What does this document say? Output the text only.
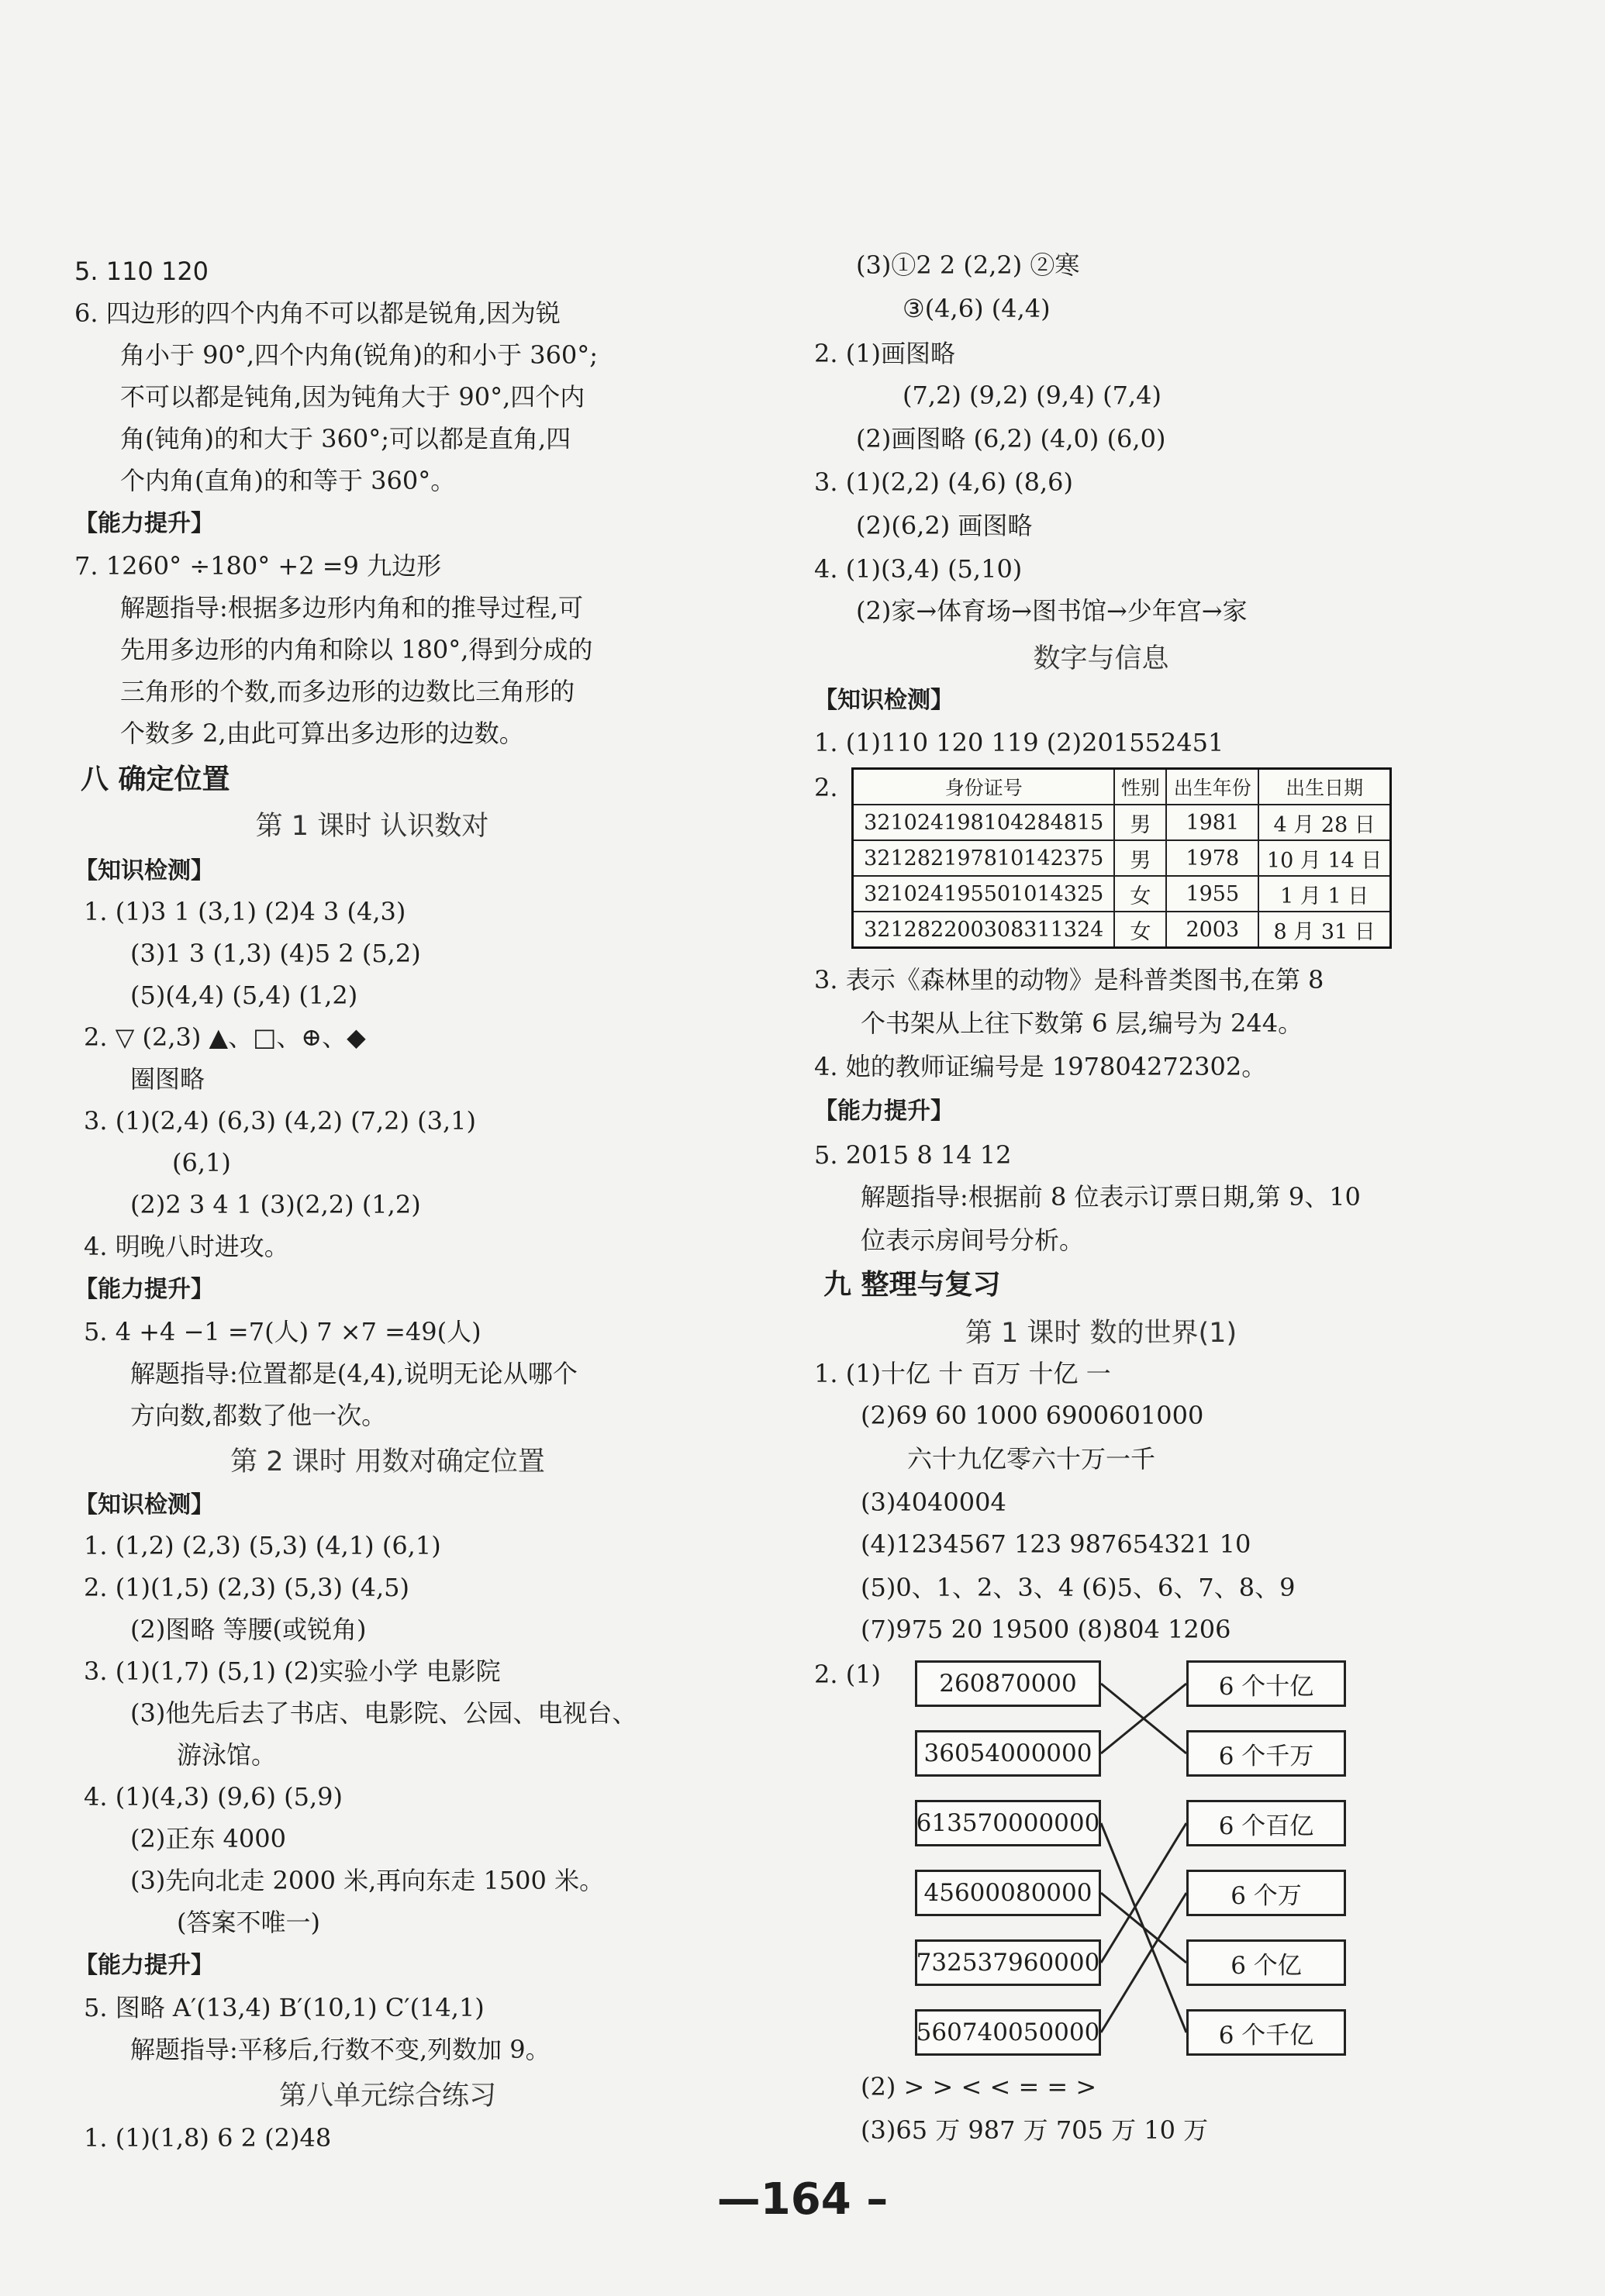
5. 110 120
6. 四边形的四个内角不可以都是锐角,因为锐
角小于 90°,四个内角(锐角)的和小于 360°;
不可以都是钝角,因为钝角大于 90°,四个内
角(钝角)的和大于 360°;可以都是直角,四
个内角(直角)的和等于 360°。
【能力提升】
7. 1260° ÷180° +2 =9 九边形
解题指导:根据多边形内角和的推导过程,可
先用多边形的内角和除以 180°,得到分成的
三角形的个数,而多边形的边数比三角形的
个数多 2,由此可算出多边形的边数。
八 确定位置
第 1 课时 认识数对
【知识检测】
1. (1)3 1 (3,1) (2)4 3 (4,3)
(3)1 3 (1,3) (4)5 2 (5,2)
(5)(4,4) (5,4) (1,2)
2. ▽ (2,3) ▲、□、⊕、◆
圈图略
3. (1)(2,4) (6,3) (4,2) (7,2) (3,1)
(6,1)
(2)2 3 4 1 (3)(2,2) (1,2)
4. 明晚八时进攻。
【能力提升】
5. 4 +4 −1 =7(人) 7 ×7 =49(人)
解题指导:位置都是(4,4),说明无论从哪个
方向数,都数了他一次。
第 2 课时 用数对确定位置
【知识检测】
1. (1,2) (2,3) (5,3) (4,1) (6,1)
2. (1)(1,5) (2,3) (5,3) (4,5)
(2)图略 等腰(或锐角)
3. (1)(1,7) (5,1) (2)实验小学 电影院
(3)他先后去了书店、电影院、公园、电视台、
游泳馆。
4. (1)(4,3) (9,6) (5,9)
(2)正东 4000
(3)先向北走 2000 米,再向东走 1500 米。
(答案不唯一)
【能力提升】
5. 图略 A′(13,4) B′(10,1) C′(14,1)
解题指导:平移后,行数不变,列数加 9。
第八单元综合练习
1. (1)(1,8) 6 2 (2)48
(3)①2 2 (2,2) ②寒
③(4,6) (4,4)
2. (1)画图略
(7,2) (9,2) (9,4) (7,4)
(2)画图略 (6,2) (4,0) (6,0)
3. (1)(2,2) (4,6) (8,6)
(2)(6,2) 画图略
4. (1)(3,4) (5,10)
(2)家→体育场→图书馆→少年宫→家
数字与信息
【知识检测】
1. (1)110 120 119 (2)201552451
2.	身份证号	性别	出生年份	出生日期
321024198104284815	男	1981	4 月 28 日
321282197810142375	男	1978	10 月 14 日
321024195501014325	女	1955	1 月 1 日
321282200308311324	女	2003	8 月 31 日
3. 表示《森林里的动物》是科普类图书,在第 8
个书架从上往下数第 6 层,编号为 244。
4. 她的教师证编号是 197804272302。
【能力提升】
5. 2015 8 14 12
解题指导:根据前 8 位表示订票日期,第 9、10
位表示房间号分析。
九 整理与复习
第 1 课时 数的世界(1)
1. (1)十亿 十 百万 十亿 一
(2)69 60 1000 6900601000
六十九亿零六十万一千
(3)4040004
(4)1234567 123 987654321 10
(5)0、1、2、3、4 (6)5、6、7、8、9
(7)975 20 19500 (8)804 1206
2. (1)	260870000
36054000000
613570000000
45600080000
732537960000
560740050000
6 个十亿
6 个千万
6 个百亿
6 个万
6 个亿
6 个千亿
(2) > > < < = = >
(3)65 万 987 万 705 万 10 万
—164 –
